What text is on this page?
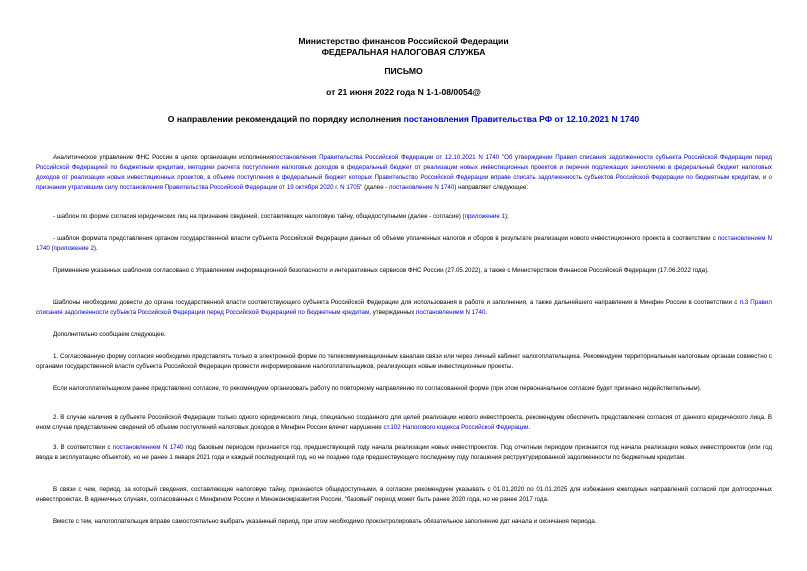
Министерство финансов Российской Федерации
ФЕДЕРАЛЬНАЯ НАЛОГОВАЯ СЛУЖБА
ПИСЬМО
от 21 июня 2022 года N 1-1-08/0054@
О направлении рекомендаций по порядку исполнения постановления Правительства РФ от 12.10.2021 N 1740

Аналитическое управление ФНС России в целях организации исполненияпостановления Правительства Российской Федерации от 12.10.2021 N 1740 "Об утверждении Правил списания задолженности субъекта Российской Федерации перед Российской Федерацией по бюджетным кредитам, методики расчета поступления налоговых доходов в федеральный бюджет от реализации новых инвестиционных проектов и перечня подлежащих зачислению в федеральный бюджет налоговых доходов от реализации новых инвестиционных проектов, в объеме поступления в федеральный бюджет которых Правительство Российской Федерации вправе списать задолженность субъектов Российской Федерации по бюджетным кредитам, и о признании утратившим силу постановления Правительства Российской Федерации от 19 октября 2020 г. N 1705" (далее - постановление N 1740) направляет следующее:

- шаблон по форме согласия юридических лиц на признание сведений, составляющих налоговую тайну, общедоступными (далее - согласие) (приложение 1);

- шаблон формата представления органом государственной власти субъекта Российской Федерации данных об объеме уплаченных налогов и сборов в результате реализации нового инвестиционного проекта в соответствии с постановлением N 1740 (приложение 2).

Применение указанных шаблонов согласовано с Управлением информационной безопасности и интерактивных сервисов ФНС России (27.05.2022), а также с Министерством Финансов Российской Федерации (17.06.2022 года).

Шаблоны необходимо довести до органа государственной власти соответствующего субъекта Российской Федерации для использования в работе и заполнения, а также дальнейшего направления в Минфин России в соответствии с п.3 Правил списания задолженности субъекта Российской Федерации перед Российской Федерацией по бюджетным кредитам, утвержденных постановлением N 1740.

Дополнительно сообщаем следующее.

1. Согласованную форму согласия необходимо представлять только в электронной форме по телекоммуникационным каналам связи или через личный кабинет налогоплательщика. Рекомендуем территориальным налоговым органам совместно с органами государственной власти субъекта Российской Федерации провести информирование налогоплательщиков, реализующих новые инвестиционные проекты.

Если налогоплательщиком ранее представлено согласие, то рекомендуем организовать работу по повторному направлению по согласованной форме (при этом первоначальное согласие будет признано недействительным).

2. В случае наличия в субъекте Российской Федерации только одного юридического лица, специально созданного для целей реализации нового инвестпроекта, рекомендуем обеспечить представление согласия от данного юридического лица. В ином случае представление сведений об объеме поступлений налоговых доходов в Минфин России влечет нарушение ст.102 Налогового кодекса Российской Федерации.

3. В соответствии с постановлением N 1740 под базовым периодом признается год, предшествующий году начала реализации новых инвестпроектов. Под отчетным периодом признается год начала реализации новых инвестпроектов (или год ввода в эксплуатацию объектов), но не ранее 1 января 2021 года и каждый последующий год, но не позднее года предшествующего последнему году погашения реструктурированной задолженности по бюджетным кредитам.

В связи с чем, период, за который сведения, составляющие налоговую тайну, признаются общедоступными, в согласии рекомендуем указывать с 01.01.2020 по 01.01.2025 для избежания ежегодных направлений согласий при долгосрочных инвестпроектах. В единичных случаях, согласованных с Минфином России и Минэкономразвития России, "базовый" период может быть ранее 2020 года, но не ранее 2017 года.

Вместе с тем, налогоплательщик вправе самостоятельно выбрать указанный период, при этом необходимо проконтролировать обязательное заполнение дат начала и окончания периода.
